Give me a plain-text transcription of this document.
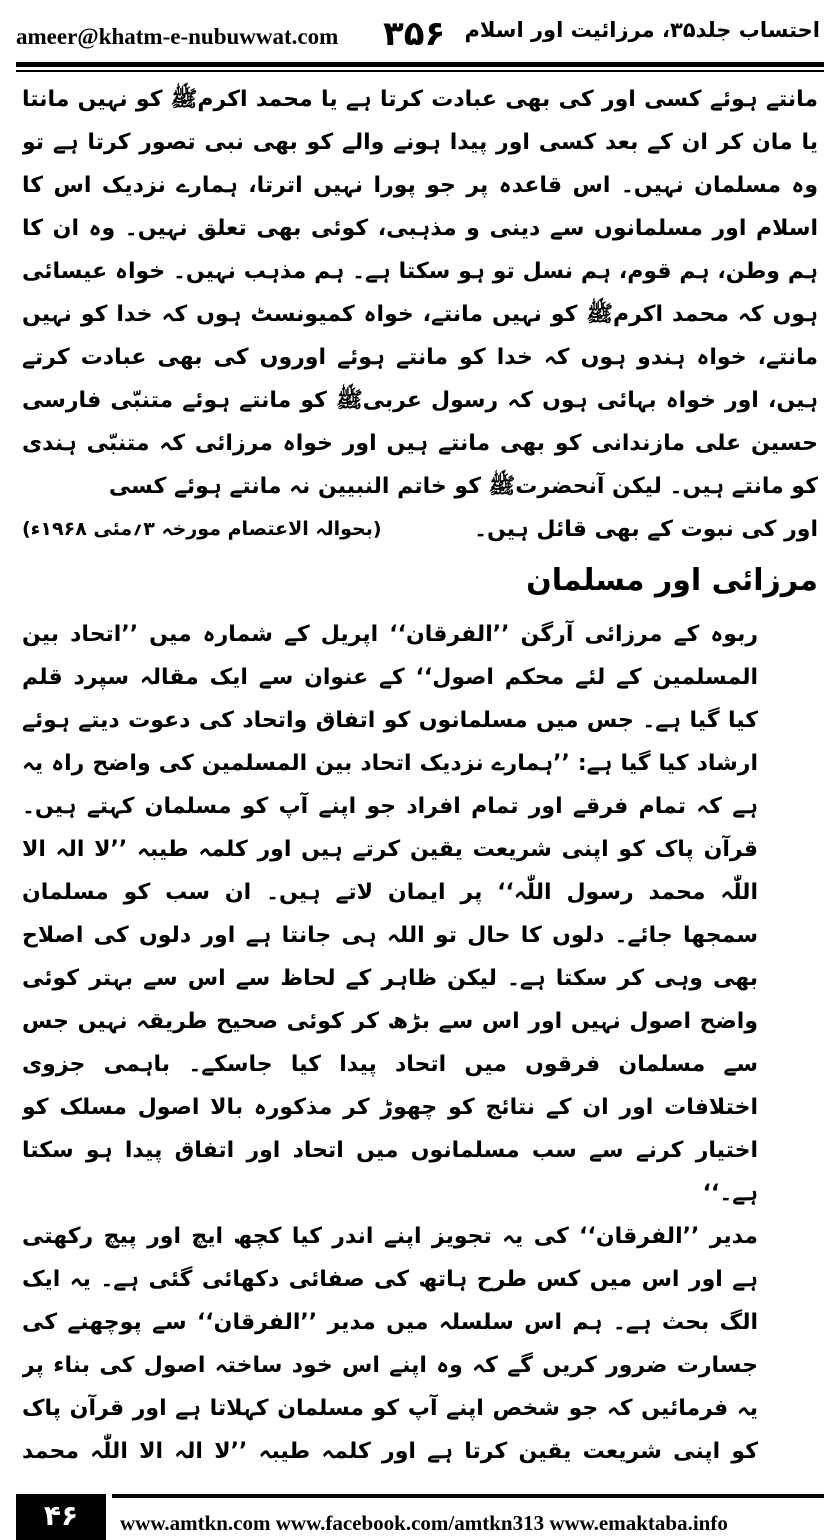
ameer@khatm-e-nubuwwat.com ۳۵۶ احتساب جلد۳۵، مرزائیت اور اسلام

مانتے ہوئے کسی اور کی بھی عبادت کرتا ہے یا محمد اکرمﷺ کو نہیں مانتا یا مان کر ان کے بعد کسی اور پیدا ہونے والے کو بھی نبی تصور کرتا ہے تو وہ مسلمان نہیں۔ اس قاعدہ پر جو پورا نہیں اترتا، ہمارے نزدیک اس کا اسلام اور مسلمانوں سے دینی و مذہبی، کوئی بھی تعلق نہیں۔ وہ ان کا ہم وطن، ہم قوم، ہم نسل تو ہو سکتا ہے۔ ہم مذہب نہیں۔ خواہ عیسائی ہوں کہ محمد اکرمﷺ کو نہیں مانتے، خواہ کمیونسٹ ہوں کہ خدا کو نہیں مانتے، خواہ ہندو ہوں کہ خدا کو مانتے ہوئے اوروں کی بھی عبادت کرتے ہیں، اور خواہ بہائی ہوں کہ رسول عربیﷺ کو مانتے ہوئے متنبّی فارسی حسین علی مازندانی کو بھی مانتے ہیں اور خواہ مرزائی کہ متنبّی ہندی کو مانتے ہیں۔ لیکن آنحضرتﷺ کو خاتم النبیین نہ مانتے ہوئے کسی

اور کی نبوت کے بھی قائل ہیں۔
(بحوالہ الاعتصام مورخہ ۳؍مئی ۱۹۶۸ء)
مرزائی اور مسلمان

ربوہ کے مرزائی آرگن ’’الفرقان‘‘ اپریل کے شمارہ میں ’’اتحاد بین المسلمین کے لئے محکم اصول‘‘ کے عنوان سے ایک مقالہ سپرد قلم کیا گیا ہے۔ جس میں مسلمانوں کو اتفاق واتحاد کی دعوت دیتے ہوئے ارشاد کیا گیا ہے: ’’ہمارے نزدیک اتحاد بین المسلمین کی واضح راہ یہ ہے کہ تمام فرقے اور تمام افراد جو اپنے آپ کو مسلمان کہتے ہیں۔ قرآن پاک کو اپنی شریعت یقین کرتے ہیں اور کلمہ طیبہ ’’لا الہ الا اللّٰہ محمد رسول اللّٰہ‘‘ پر ایمان لاتے ہیں۔ ان سب کو مسلمان سمجھا جائے۔ دلوں کا حال تو اللہ ہی جانتا ہے اور دلوں کی اصلاح بھی وہی کر سکتا ہے۔ لیکن ظاہر کے لحاظ سے اس سے بہتر کوئی واضح اصول نہیں اور اس سے بڑھ کر کوئی صحیح طریقہ نہیں جس سے مسلمان فرقوں میں اتحاد پیدا کیا جاسکے۔ باہمی جزوی اختلافات اور ان کے نتائج کو چھوڑ کر مذکورہ بالا اصول مسلک کو اختیار کرنے سے سب مسلمانوں میں اتحاد اور اتفاق پیدا ہو سکتا ہے۔‘‘

مدیر ’’الفرقان‘‘ کی یہ تجویز اپنے اندر کیا کچھ ایچ اور پیچ رکھتی ہے اور اس میں کس طرح ہاتھ کی صفائی دکھائی گئی ہے۔ یہ ایک الگ بحث ہے۔ ہم اس سلسلہ میں مدیر ’’الفرقان‘‘ سے پوچھنے کی جسارت ضرور کریں گے کہ وہ اپنے اس خود ساختہ اصول کی بناء پر یہ فرمائیں کہ جو شخص اپنے آپ کو مسلمان کہلاتا ہے اور قرآن پاک کو اپنی شریعت یقین کرتا ہے اور کلمہ طیبہ ’’لا الہ الا اللّٰہ محمد

۴۶	www.amtkn.com www.facebook.com/amtkn313 www.emaktaba.info
